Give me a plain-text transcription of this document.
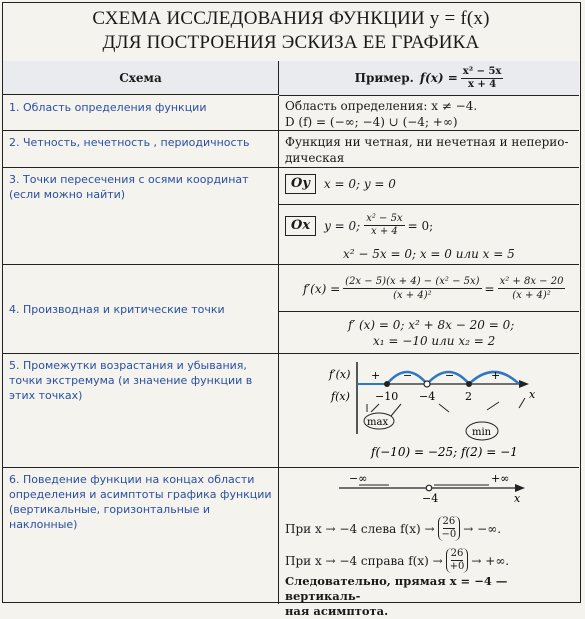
СХЕМА ИССЛЕДОВАНИЯ ФУНКЦИИ y = f(x)
ДЛЯ ПОСТРОЕНИЯ ЭСКИЗА ЕЕ ГРАФИКА
Схема	Пример. $f(x) = \frac{\text{x² − 5x}}{x + 4}$
1. Область определения функции	Область определения: x ≠ −4.
D (f) = (−∞; −4) ∪ (−4; +∞)
2. Четность, нечетность , периодичность	Функция ни четная, ни нечетная и неперио-
дическая
3. Точки пересечения с осями координат (если можно найти)
Oy	x = 0; y = 0
Ox	y = 0; $\frac{\text{x² − 5x}}{x + 4} = 0$;
x² − 5x = 0; x = 0 или x = 5
4. Производная и критические точки
$f'(x) = \frac{\text{(2x − 5)(x + 4) − (x² − 5x)}}{\text{(x + 4)²}} = \frac{\text{x² + 8x − 20}}{\text{(x + 4)²}}$
f′ (x) = 0; x² + 8x − 20 = 0;
x₁ = −10 или x₂ = 2
5. Промежутки возрастания и убывания, точки экстремума (и значение функции в этих точках)
f′(x)
f(x)	x
+ −	−	+
−10 −4	2
max
min
f(−10) = −25; f(2) = −1
6. Поведение функции на концах области определения и асимптоты графика функции (вертикальные, горизонтальные и наклонные)
−∞	+∞
−4	x
При x → −4 слева $f(x) \to \frac{26}{-0}$ → −∞.
При x → −4 справа $f(x) \to \frac{26}{+0}$ → +∞.
Следовательно, прямая x = −4 — вертикаль-
ная асимптота.
